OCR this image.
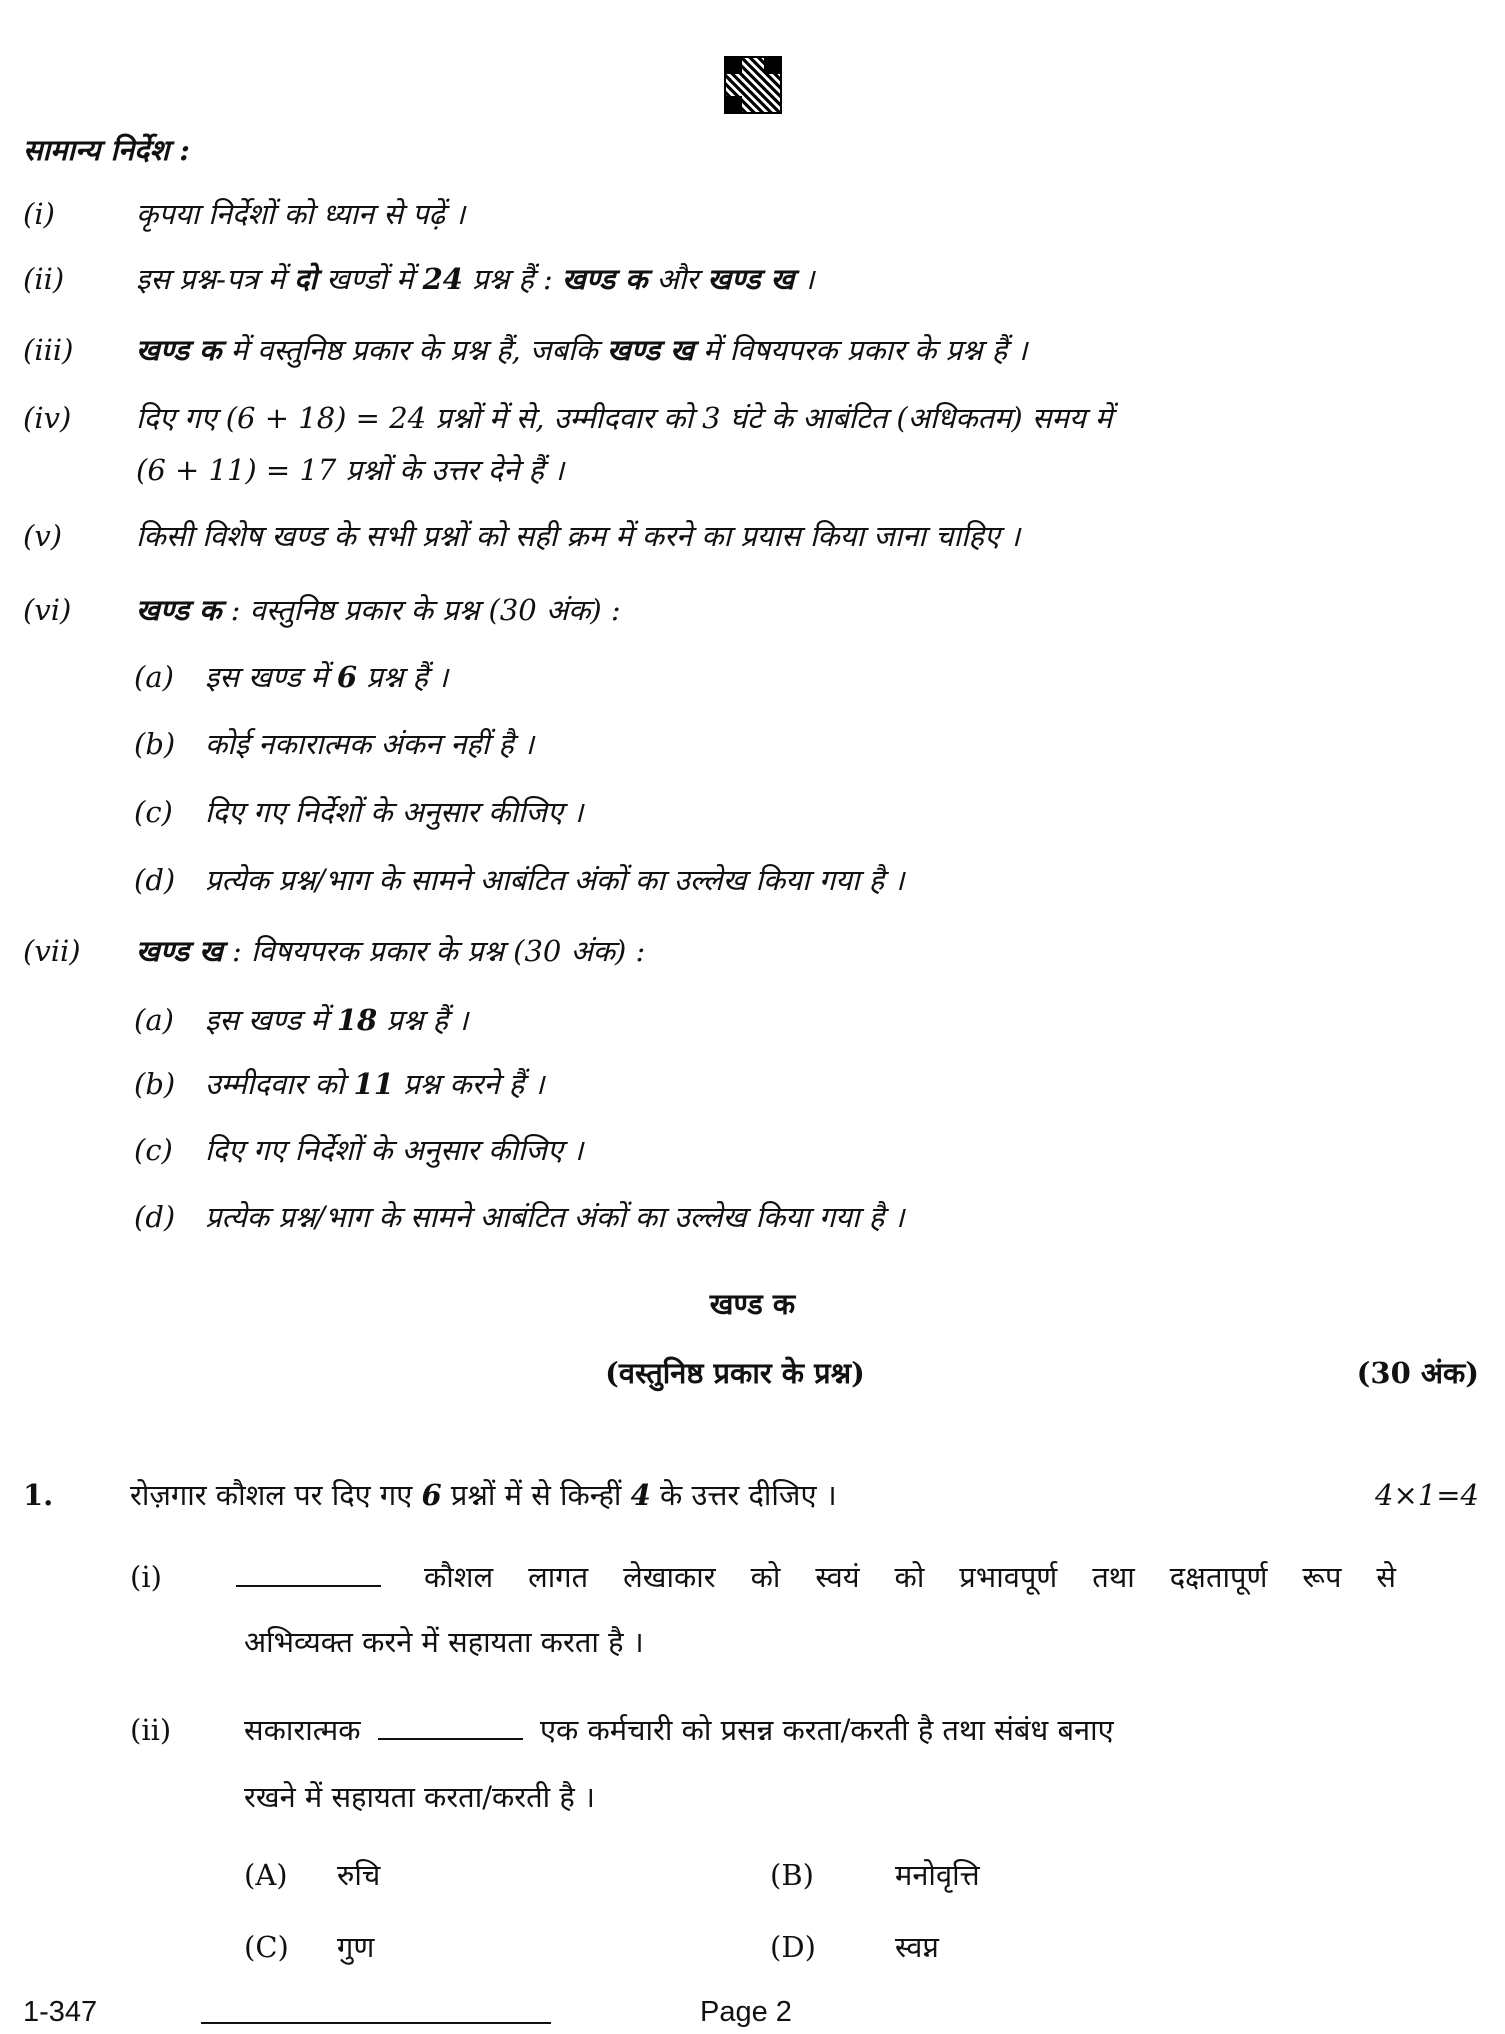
सामान्य निर्देश :
(i)	कृपया निर्देशों को ध्यान से पढ़ें ।
(ii) इस प्रश्न-पत्र में दो खण्डों में 24 प्रश्न हैं : खण्ड क और खण्ड ख ।
(iii) खण्ड क में वस्तुनिष्ठ प्रकार के प्रश्न हैं, जबकि खण्ड ख में विषयपरक प्रकार के प्रश्न हैं ।
(iv) दिए गए (6 + 18) = 24 प्रश्नों में से, उम्मीदवार को 3 घंटे के आबंटित (अधिकतम) समय में
(6 + 11) = 17 प्रश्नों के उत्तर देने हैं ।
(v)	किसी विशेष खण्ड के सभी प्रश्नों को सही क्रम में करने का प्रयास किया जाना चाहिए ।
(vi) खण्ड क : वस्तुनिष्ठ प्रकार के प्रश्न (30 अंक) :
(a) इस खण्ड में 6 प्रश्न हैं ।
(b) कोई नकारात्मक अंकन नहीं है ।
(c) दिए गए निर्देशों के अनुसार कीजिए ।
(d) प्रत्येक प्रश्न/भाग के सामने आबंटित अंकों का उल्लेख किया गया है ।
(vii) खण्ड ख : विषयपरक प्रकार के प्रश्न (30 अंक) :
(a) इस खण्ड में 18 प्रश्न हैं ।
(b) उम्मीदवार को 11 प्रश्न करने हैं ।
(c) दिए गए निर्देशों के अनुसार कीजिए ।
(d) प्रत्येक प्रश्न/भाग के सामने आबंटित अंकों का उल्लेख किया गया है ।
खण्ड क
(वस्तुनिष्ठ प्रकार के प्रश्न)	(30 अंक)
1.	रोज़गार कौशल पर दिए गए 6 प्रश्नों में से किन्हीं 4 के उत्तर दीजिए ।	4×1=4
(i)	कौशल लागत लेखाकार को स्वयं को प्रभावपूर्ण तथा दक्षतापूर्ण रूप से
अभिव्यक्त करने में सहायता करता है ।
(ii)	सकारात्मक	एक कर्मचारी को प्रसन्न करता/करती है तथा संबंध बनाए
रखने में सहायता करता/करती है ।
(A) रुचि	(B)	मनोवृत्ति
(C) गुण	(D)	स्वप्न
1-347	Page 2
